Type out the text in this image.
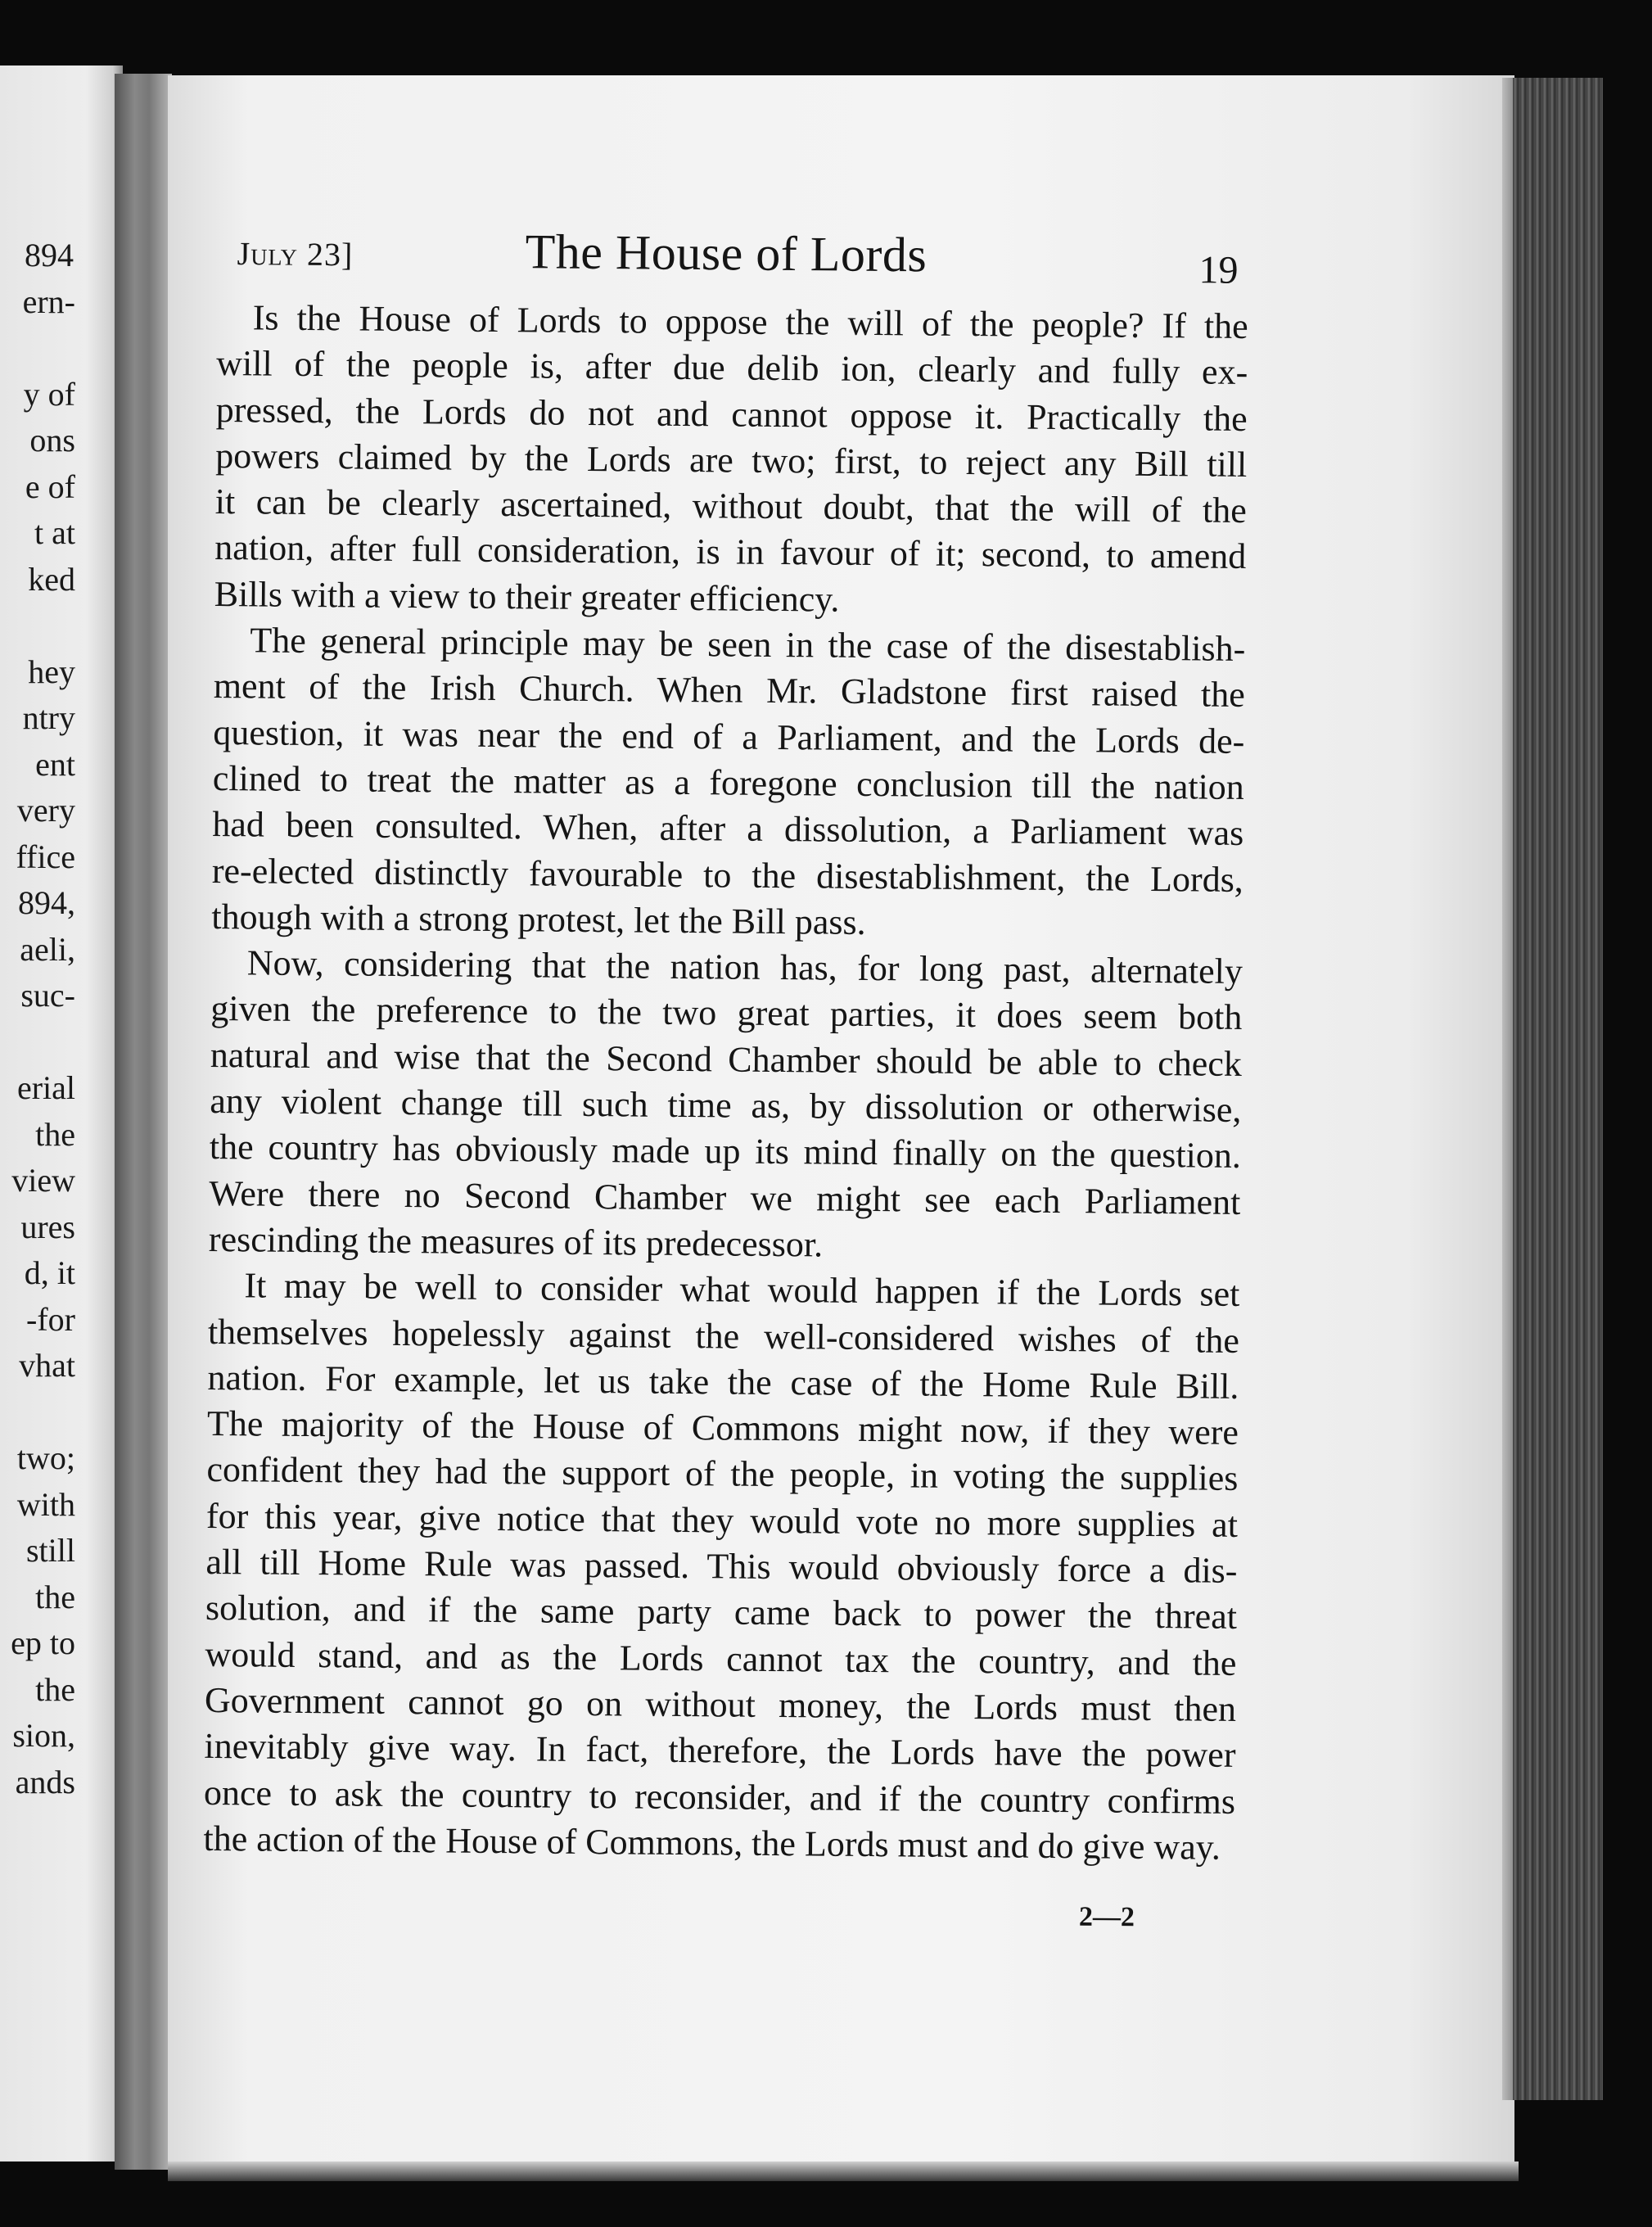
894
ern-
y of
ons
e of
t at
ked
hey
ntry
ent
very
ffice
894,
aeli,
suc-
erial
the
view
ures
d, it
-for
vhat
two;
with
still
the
ep to
the
sion,
ands
July 23]	The House of Lords	19
Is the House of Lords to oppose the will of the people? If the
will of the people is, after due delib ion, clearly and fully ex-
pressed, the Lords do not and cannot oppose it. Practically the
powers claimed by the Lords are two; first, to reject any Bill till
it can be clearly ascertained, without doubt, that the will of the
nation, after full consideration, is in favour of it; second, to amend
Bills with a view to their greater efficiency.
The general principle may be seen in the case of the disestablish-
ment of the Irish Church. When Mr. Gladstone first raised the
question, it was near the end of a Parliament, and the Lords de-
clined to treat the matter as a foregone conclusion till the nation
had been consulted. When, after a dissolution, a Parliament was
re-elected distinctly favourable to the disestablishment, the Lords,
though with a strong protest, let the Bill pass.
Now, considering that the nation has, for long past, alternately
given the preference to the two great parties, it does seem both
natural and wise that the Second Chamber should be able to check
any violent change till such time as, by dissolution or otherwise,
the country has obviously made up its mind finally on the question.
Were there no Second Chamber we might see each Parliament
rescinding the measures of its predecessor.
It may be well to consider what would happen if the Lords set
themselves hopelessly against the well-considered wishes of the
nation. For example, let us take the case of the Home Rule Bill.
The majority of the House of Commons might now, if they were
confident they had the support of the people, in voting the supplies
for this year, give notice that they would vote no more supplies at
all till Home Rule was passed. This would obviously force a dis-
solution, and if the same party came back to power the threat
would stand, and as the Lords cannot tax the country, and the
Government cannot go on without money, the Lords must then
inevitably give way. In fact, therefore, the Lords have the power
once to ask the country to reconsider, and if the country confirms
the action of the House of Commons, the Lords must and do give way.
2—2
